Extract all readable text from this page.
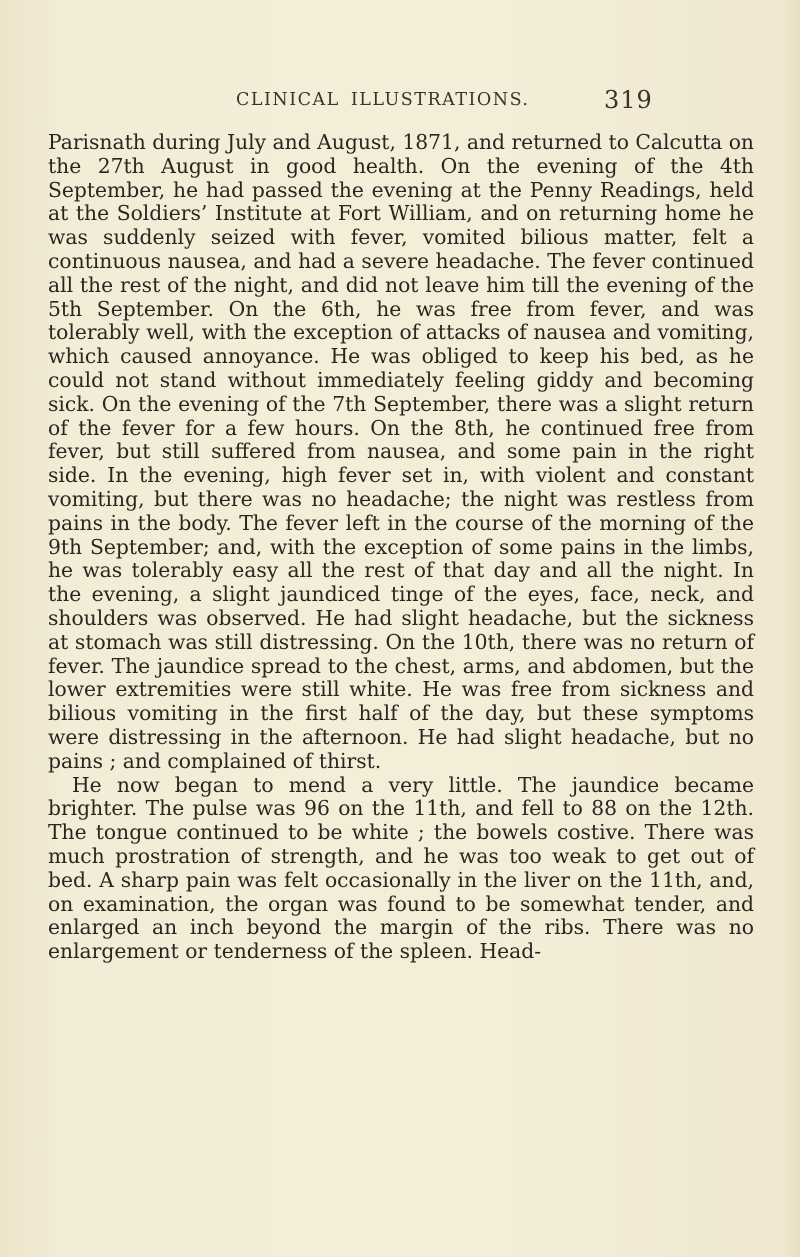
CLINICAL ILLUSTRATIONS.	319

Parisnath during July and August, 1871, and returned to Calcutta on the 27th August in good health. On the evening of the 4th September, he had passed the evening at the Penny Readings, held at the Soldiers’ Institute at Fort William, and on returning home he was suddenly seized with fever, vomited bilious matter, felt a continuous nausea, and had a severe headache. The fever continued all the rest of the night, and did not leave him till the evening of the 5th September. On the 6th, he was free from fever, and was tolerably well, with the exception of attacks of nausea and vomiting, which caused annoyance. He was obliged to keep his bed, as he could not stand without immediately feeling giddy and becoming sick. On the evening of the 7th September, there was a slight return of the fever for a few hours. On the 8th, he continued free from fever, but still suffered from nausea, and some pain in the right side. In the evening, high fever set in, with violent and constant vomiting, but there was no headache; the night was restless from pains in the body. The fever left in the course of the morning of the 9th September; and, with the exception of some pains in the limbs, he was tolerably easy all the rest of that day and all the night. In the evening, a slight jaundiced tinge of the eyes, face, neck, and shoulders was observed. He had slight headache, but the sickness at stomach was still distressing. On the 10th, there was no return of fever. The jaundice spread to the chest, arms, and abdomen, but the lower extremities were still white. He was free from sickness and bilious vomiting in the first half of the day, but these symptoms were distressing in the afternoon. He had slight headache, but no pains ; and complained of thirst.

He now began to mend a very little. The jaundice became brighter. The pulse was 96 on the 11th, and fell to 88 on the 12th. The tongue continued to be white ; the bowels costive. There was much prostration of strength, and he was too weak to get out of bed. A sharp pain was felt occasionally in the liver on the 11th, and, on examination, the organ was found to be somewhat tender, and enlarged an inch beyond the margin of the ribs. There was no enlargement or tenderness of the spleen. Head-
